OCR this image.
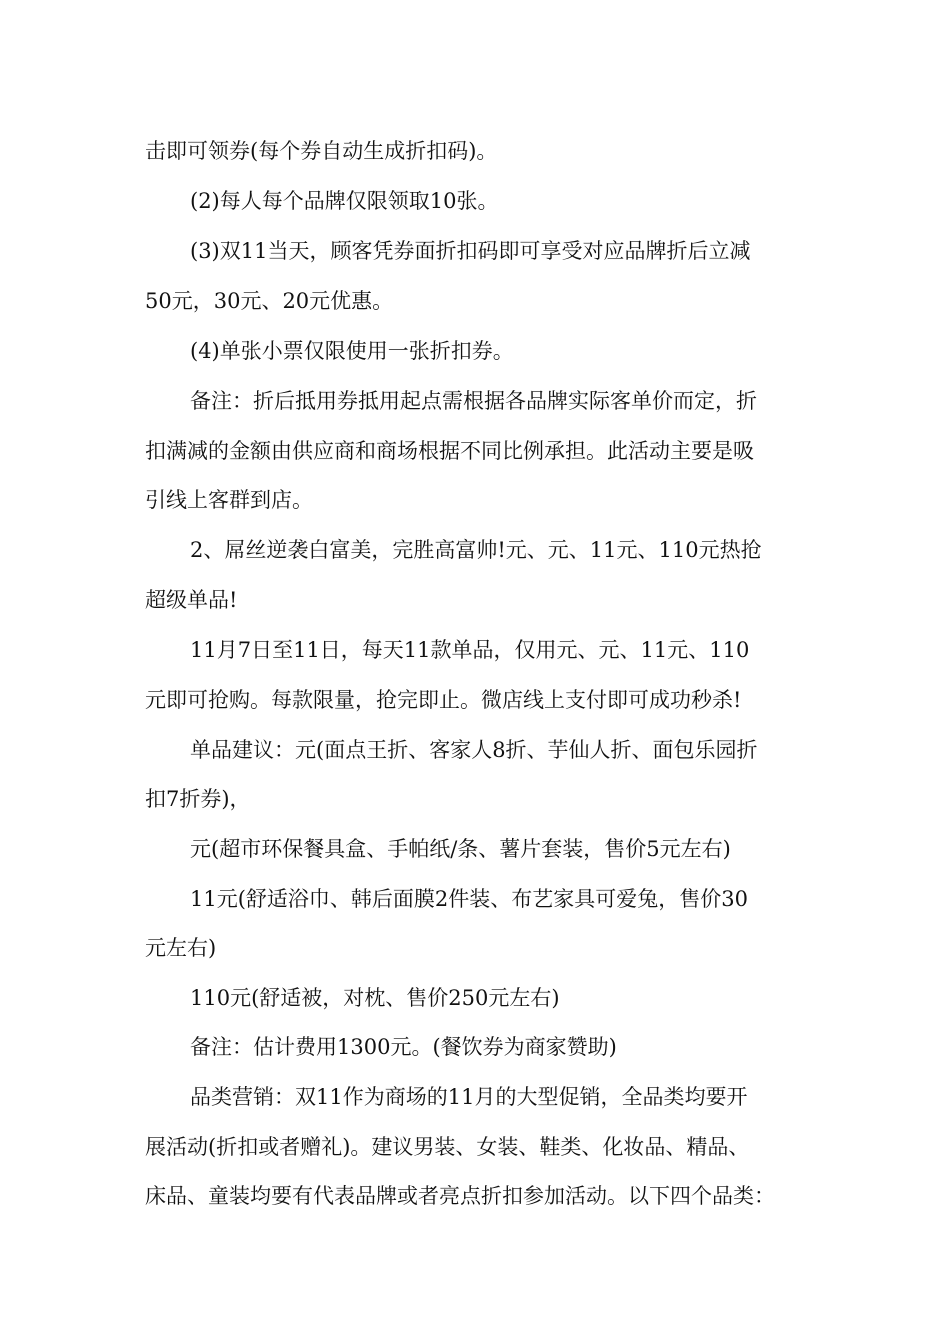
击即可领券(每个券自动生成折扣码)。
(2)每人每个品牌仅限领取10张。
(3)双11当天，顾客凭券面折扣码即可享受对应品牌折后立减
50元，30元、20元优惠。
(4)单张小票仅限使用一张折扣券。
备注：折后抵用券抵用起点需根据各品牌实际客单价而定，折
扣满减的金额由供应商和商场根据不同比例承担。此活动主要是吸
引线上客群到店。
2、屌丝逆袭白富美，完胜高富帅!元、元、11元、110元热抢
超级单品!
11月7日至11日，每天11款单品，仅用元、元、11元、110
元即可抢购。每款限量，抢完即止。微店线上支付即可成功秒杀!
单品建议：元(面点王折、客家人8折、芋仙人折、面包乐园折
扣7折券)，
元(超市环保餐具盒、手帕纸/条、薯片套装，售价5元左右)
11元(舒适浴巾、韩后面膜2件装、布艺家具可爱兔，售价30
元左右)
110元(舒适被，对枕、售价250元左右)
备注：估计费用1300元。(餐饮券为商家赞助)
品类营销：双11作为商场的11月的大型促销，全品类均要开
展活动(折扣或者赠礼)。建议男装、女装、鞋类、化妆品、精品、
床品、童装均要有代表品牌或者亮点折扣参加活动。以下四个品类：
